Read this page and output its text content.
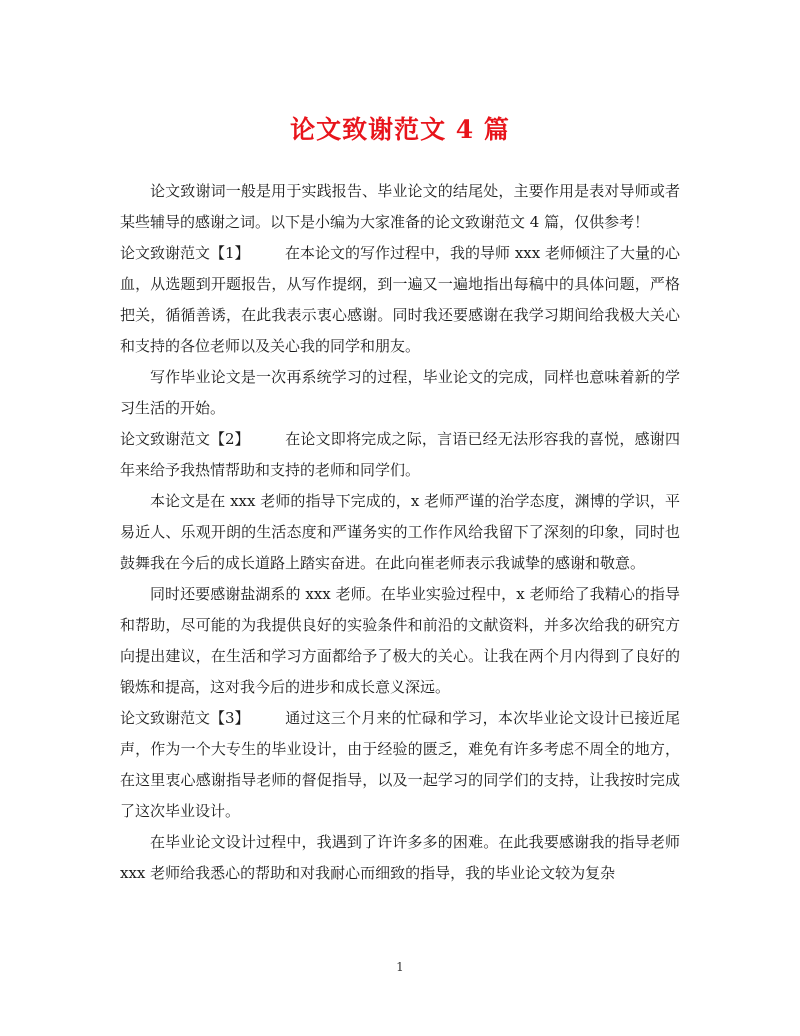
论文致谢范文 4 篇

论文致谢词一般是用于实践报告、毕业论文的结尾处，主要作用是表对导师或者某些辅导的感谢之词。以下是小编为大家准备的论文致谢范文 4 篇，仅供参考！

论文致谢范文【1】 在本论文的写作过程中，我的导师 xxx 老师倾注了大量的心血，从选题到开题报告，从写作提纲，到一遍又一遍地指出每稿中的具体问题，严格把关，循循善诱，在此我表示衷心感谢。同时我还要感谢在我学习期间给我极大关心和支持的各位老师以及关心我的同学和朋友。

写作毕业论文是一次再系统学习的过程，毕业论文的完成，同样也意味着新的学习生活的开始。

论文致谢范文【2】 在论文即将完成之际，言语已经无法形容我的喜悦，感谢四年来给予我热情帮助和支持的老师和同学们。

本论文是在 xxx 老师的指导下完成的，x 老师严谨的治学态度，渊博的学识，平易近人、乐观开朗的生活态度和严谨务实的工作作风给我留下了深刻的印象，同时也鼓舞我在今后的成长道路上踏实奋进。在此向崔老师表示我诚挚的感谢和敬意。

同时还要感谢盐湖系的 xxx 老师。在毕业实验过程中，x 老师给了我精心的指导和帮助，尽可能的为我提供良好的实验条件和前沿的文献资料，并多次给我的研究方向提出建议，在生活和学习方面都给予了极大的关心。让我在两个月内得到了良好的锻炼和提高，这对我今后的进步和成长意义深远。

论文致谢范文【3】 通过这三个月来的忙碌和学习，本次毕业论文设计已接近尾声，作为一个大专生的毕业设计，由于经验的匮乏，难免有许多考虑不周全的地方，在这里衷心感谢指导老师的督促指导，以及一起学习的同学们的支持，让我按时完成了这次毕业设计。

在毕业论文设计过程中，我遇到了许许多多的困难。在此我要感谢我的指导老师 xxx 老师给我悉心的帮助和对我耐心而细致的指导，我的毕业论文较为复杂

1
